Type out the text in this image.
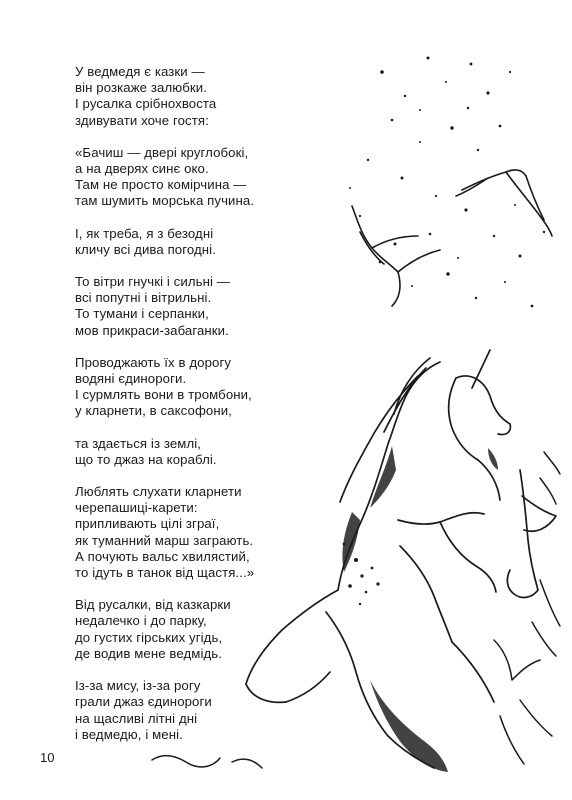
У ведмедя є казки —
він розкаже залюбки.
І русалка срібнохвоста
здивувати хоче гостя:
«Бачиш — двері круглобокі,
а на дверях синє око.
Там не просто комірчина —
там шумить морська пучина.
І, як треба, я з безодні
кличу всі дива погодні.
То вітри гнучкі і сильні —
всі попутні і вітрильні.
То тумани і серпанки,
мов прикраси-забаганки.
Проводжають їх в дорогу
водяні єдинороги.
І сурмлять вони в тромбони,
у кларнети, в саксофони,
та здається із землі,
що то джаз на кораблі.
Люблять слухати кларнети
черепашиці-карети:
припливають цілі зграї,
як туманний марш заграють.
А почують вальс хвилястий,
то ідуть в танок від щастя...»
Від русалки, від казкарки
недалечко і до парку,
до густих гірських угідь,
де водив мене ведмідь.
Із-за мису, із-за рогу
грали джаз єдинороги
на щасливі літні дні
і ведмедю, і мені.
10
